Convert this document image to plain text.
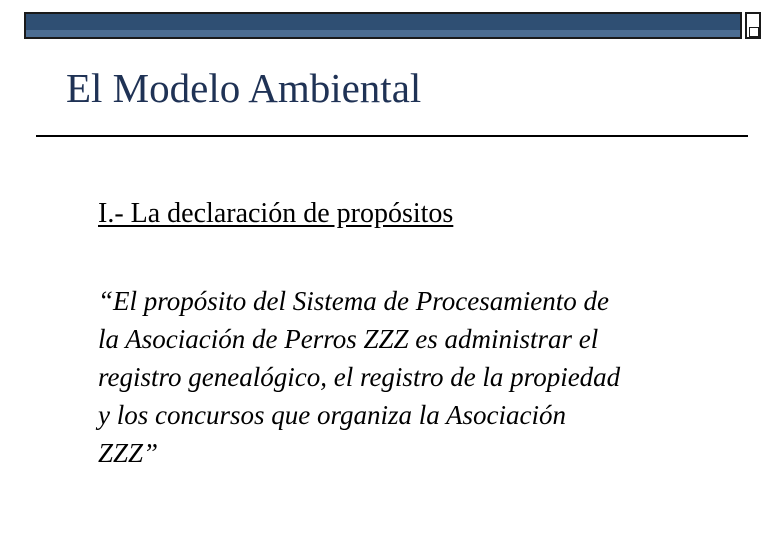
El Modelo Ambiental
I.- La declaración de propósitos
“El propósito del Sistema de Procesamiento de
la Asociación de Perros ZZZ es administrar el
registro genealógico, el registro de la propiedad
y los concursos que organiza la Asociación
ZZZ”
